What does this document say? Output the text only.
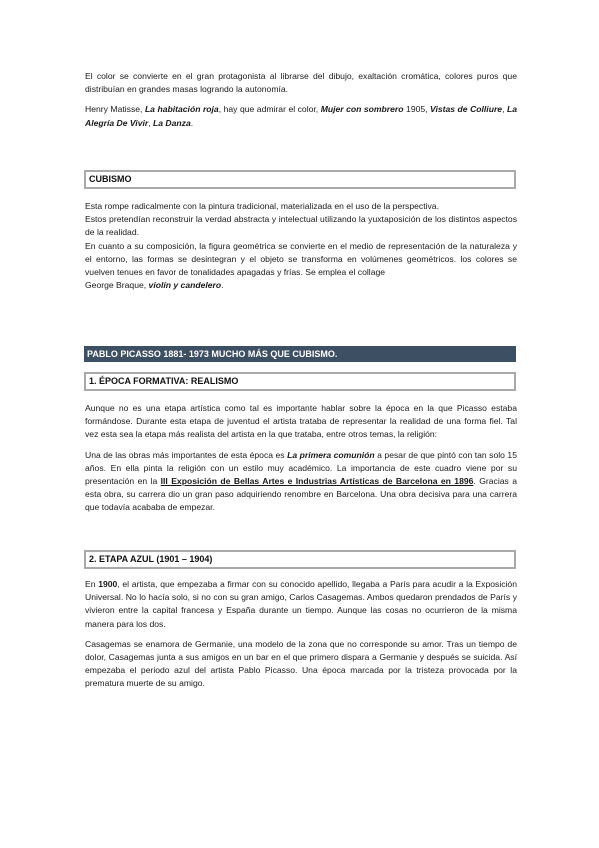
El color se convierte en el gran protagonista al librarse del dibujo, exaltación cromática, colores puros que distribuían en grandes masas logrando la autonomía.

Henry Matisse, La habitación roja, hay que admirar el color, Mujer con sombrero 1905, Vistas de Colliure, La Alegría De Vivir, La Danza.

CUBISMO

Esta rompe radicalmente con la pintura tradicional, materializada en el uso de la perspectiva.

Estos pretendían reconstruir la verdad abstracta y intelectual utilizando la yuxtaposición de los distintos aspectos de la realidad.

En cuanto a su composición, la figura geométrica se convierte en el medio de representación de la naturaleza y el entorno, las formas se desintegran y el objeto se transforma en volúmenes geométricos. los colores se vuelven tenues en favor de tonalidades apagadas y frías. Se emplea el collage

George Braque, violín y candelero.

PABLO PICASSO 1881- 1973 MUCHO MÁS QUE CUBISMO.
1. ÉPOCA FORMATIVA: REALISMO

Aunque no es una etapa artística como tal es importante hablar sobre la época en la que Picasso estaba formándose. Durante esta etapa de juventud el artista trataba de representar la realidad de una forma fiel. Tal vez esta sea la etapa más realista del artista en la que trataba, entre otros temas, la religión:

Una de las obras más importantes de esta época es La primera comunión a pesar de que pintó con tan solo 15 años. En ella pinta la religión con un estilo muy académico. La importancia de este cuadro viene por su presentación en la III Exposición de Bellas Artes e Industrias Artísticas de Barcelona en 1896. Gracias a esta obra, su carrera dio un gran paso adquiriendo renombre en Barcelona. Una obra decisiva para una carrera que todavía acababa de empezar.

2. ETAPA AZUL (1901 – 1904)

En 1900, el artista, que empezaba a firmar con su conocido apellido, llegaba a París para acudir a la Exposición Universal. No lo hacía solo, si no con su gran amigo, Carlos Casagemas. Ambos quedaron prendados de París y vivieron entre la capital francesa y España durante un tiempo. Aunque las cosas no ocurrieron de la misma manera para los dos.

Casagemas se enamora de Germanie, una modelo de la zona que no corresponde su amor. Tras un tiempo de dolor, Casagemas junta a sus amigos en un bar en el que primero dispara a Germanie y después se suicida. Así empezaba el periodo azul del artista Pablo Picasso. Una época marcada por la tristeza provocada por la prematura muerte de su amigo.
